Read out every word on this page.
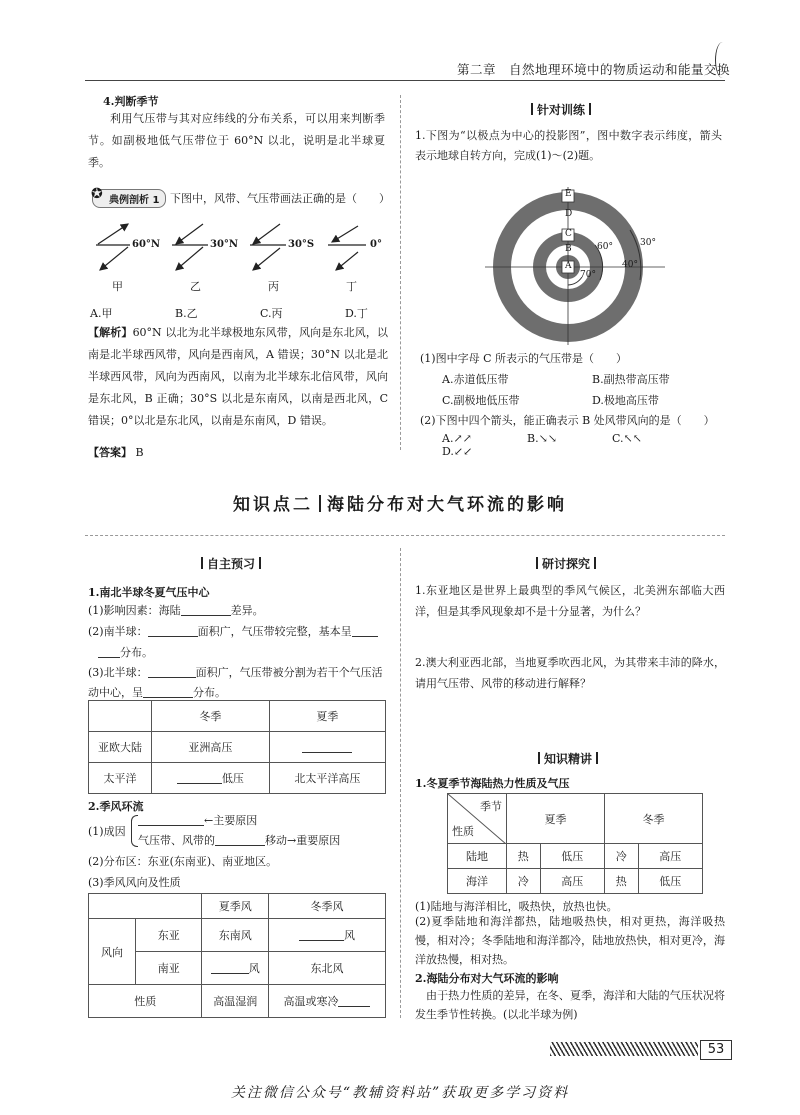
第二章　自然地理环境中的物质运动和能量交换
4.判断季节
利用气压带与其对应纬线的分布关系，可以用来判断季节。如副极地低气压带位于 60°N 以北，说明是北半球夏季。
✪ 典例剖析 1 下图中，风带、气压带画法正确的是（　　）
60°N	30°N	30°S	0°
甲	乙	丙	丁
A.甲	B.乙	C.丙	D.丁
【解析】60°N 以北为北半球极地东风带，风向是东北风，以南是北半球西风带，风向是西南风，A 错误；30°N 以北是北半球西风带，风向为西南风，以南为北半球东北信风带，风向是东北风，B 正确；30°S 以北是东南风，以南是西北风，C 错误；0°以北是东北风，以南是东南风，D 错误。
【答案】 B
针对训练
1.下图为“以极点为中心的投影图”，图中数字表示纬度，箭头表示地球自转方向，完成(1)～(2)题。
E
D
C
B
A
60°	30°
40°
70°
(1)图中字母 C 所表示的气压带是（　　）
A.赤道低压带	B.副热带高压带
C.副极地低压带	D.极地高压带
(2)下图中四个箭头，能正确表示 B 处风带风向的是（　　）
A.↗↗	B.↘↘	C.↖↖D.↙↙
知识点二 海陆分布对大气环流的影响
自主预习
1.南北半球冬夏气压中心
(1)影响因素：海陆	差异。
(2)南半球：	面积广，气压带较完整，基本呈
分布。
(3)北半球：	面积广，气压带被分割为若干个气压活动中心，呈	分布。
	冬季	夏季
亚欧大陆	亚洲高压	
太平洋	低压	北太平洋高压
2.季风环流
(1)成因
←主要原因
气压带、风带的	移动→重要原因
(2)分布区：东亚(东南亚)、南亚地区。
(3)季风风向及性质
		夏季风	冬季风
风向	东亚	东南风	风
	南亚	风	东北风
性质		高温湿润	高温或寒冷
研讨探究
1.东亚地区是世界上最典型的季风气候区，北美洲东部临大西洋，但是其季风现象却不是十分显著，为什么？
2.澳大利亚西北部，当地夏季吹西北风，为其带来丰沛的降水，请用气压带、风带的移动进行解释？
知识精讲
1.冬夏季节海陆热力性质及气压
季节
性质	夏季		冬季	
陆地	热	低压	冷	高压
海洋	冷	高压	热	低压
(1)陆地与海洋相比，吸热快，放热也快。
(2)夏季陆地和海洋都热，陆地吸热快，相对更热，海洋吸热慢，相对冷；冬季陆地和海洋都冷，陆地放热快，相对更冷，海洋放热慢，相对热。
2.海陆分布对大气环流的影响
由于热力性质的差异，在冬、夏季，海洋和大陆的气压状况将发生季节性转换。(以北半球为例)
53
关注微信公众号“教辅资料站”获取更多学习资料
